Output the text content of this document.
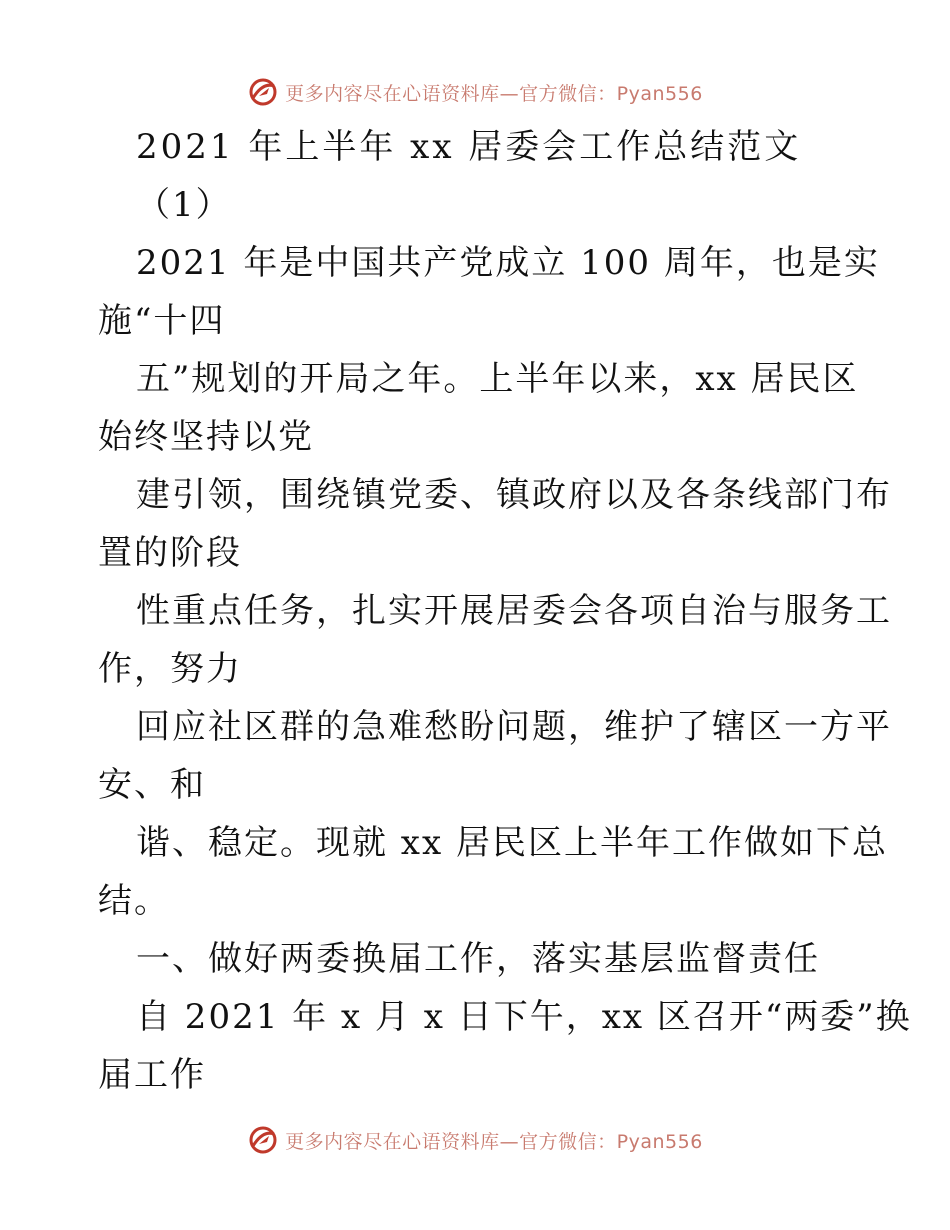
更多内容尽在心语资料库—官方微信：Pyan556
2021 年上半年 xx 居委会工作总结范文
（1）
2021 年是中国共产党成立 100 周年，也是实
施“十四
五”规划的开局之年。上半年以来，xx 居民区
始终坚持以党
建引领，围绕镇党委、镇政府以及各条线部门布
置的阶段
性重点任务，扎实开展居委会各项自治与服务工
作，努力
回应社区群的急难愁盼问题，维护了辖区一方平
安、和
谐、稳定。现就 xx 居民区上半年工作做如下总
结。
一、做好两委换届工作，落实基层监督责任
自 2021 年 x 月 x 日下午，xx 区召开“两委”换
届工作
更多内容尽在心语资料库—官方微信：Pyan556
